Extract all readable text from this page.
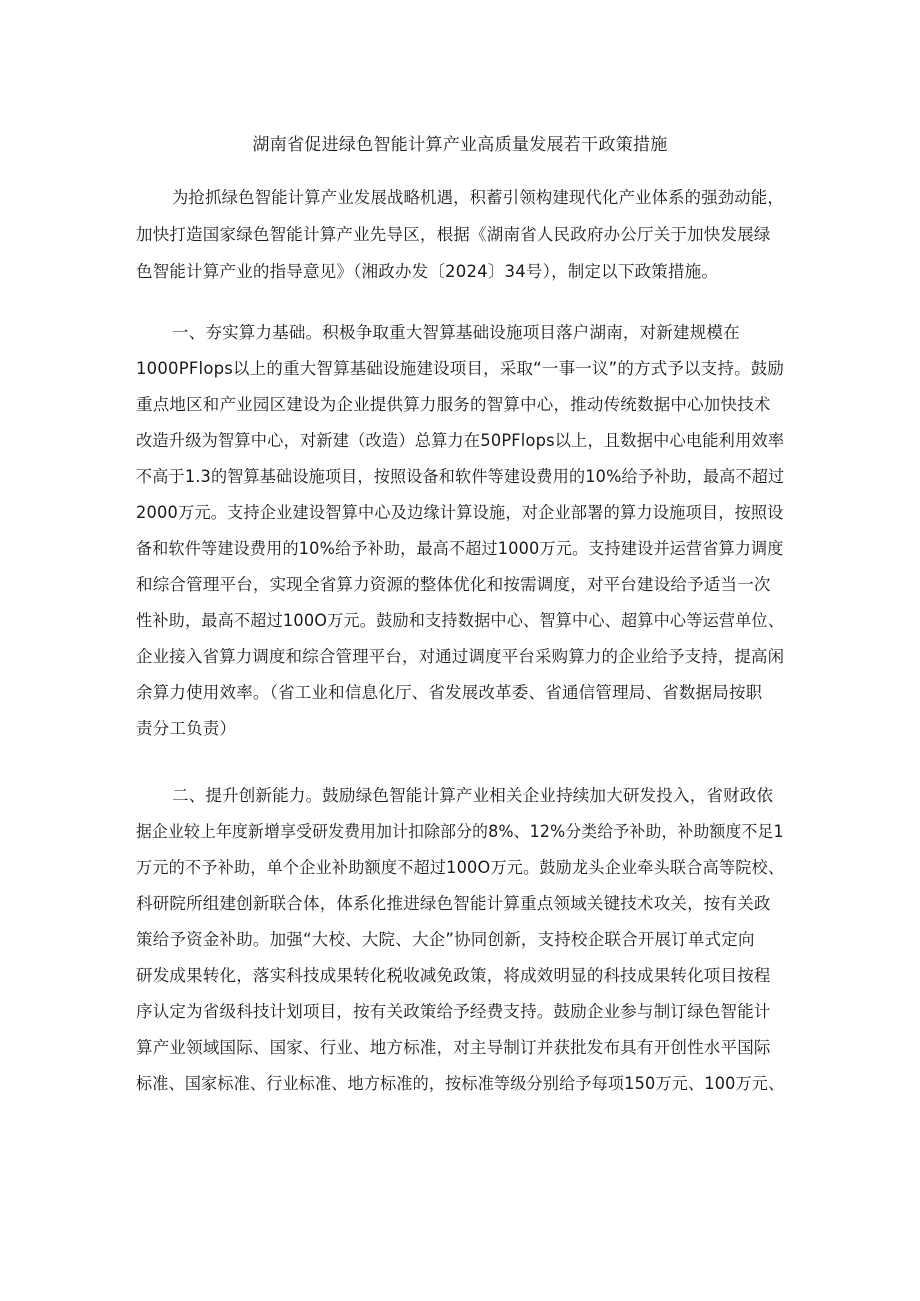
湖南省促进绿色智能计算产业高质量发展若干政策措施
为抢抓绿色智能计算产业发展战略机遇，积蓄引领构建现代化产业体系的强劲动能，
加快打造国家绿色智能计算产业先导区，根据《湖南省人民政府办公厅关于加快发展绿
色智能计算产业的指导意见》（湘政办发〔2024〕34号），制定以下政策措施。
一、夯实算力基础。积极争取重大智算基础设施项目落户湖南，对新建规模在
1000PFlops以上的重大智算基础设施建设项目，采取“一事一议”的方式予以支持。鼓励
重点地区和产业园区建设为企业提供算力服务的智算中心，推动传统数据中心加快技术
改造升级为智算中心，对新建（改造）总算力在50PFlops以上，且数据中心电能利用效率
不高于1.3的智算基础设施项目，按照设备和软件等建设费用的10%给予补助，最高不超过
2000万元。支持企业建设智算中心及边缘计算设施，对企业部署的算力设施项目，按照设
备和软件等建设费用的10%给予补助，最高不超过1000万元。支持建设并运营省算力调度
和综合管理平台，实现全省算力资源的整体优化和按需调度，对平台建设给予适当一次
性补助，最高不超过100O万元。鼓励和支持数据中心、智算中心、超算中心等运营单位、
企业接入省算力调度和综合管理平台，对通过调度平台采购算力的企业给予支持，提高闲
余算力使用效率。（省工业和信息化厅、省发展改革委、省通信管理局、省数据局按职
责分工负责）
二、提升创新能力。鼓励绿色智能计算产业相关企业持续加大研发投入，省财政依
据企业较上年度新增享受研发费用加计扣除部分的8%、12%分类给予补助，补助额度不足1
万元的不予补助，单个企业补助额度不超过100O万元。鼓励龙头企业牵头联合高等院校、
科研院所组建创新联合体，体系化推进绿色智能计算重点领域关键技术攻关，按有关政
策给予资金补助。加强“大校、大院、大企”协同创新，支持校企联合开展订单式定向
研发成果转化，落实科技成果转化税收减免政策，将成效明显的科技成果转化项目按程
序认定为省级科技计划项目，按有关政策给予经费支持。鼓励企业参与制订绿色智能计
算产业领域国际、国家、行业、地方标准，对主导制订并获批发布具有开创性水平国际
标准、国家标准、行业标准、地方标准的，按标准等级分别给予每项150万元、100万元、
